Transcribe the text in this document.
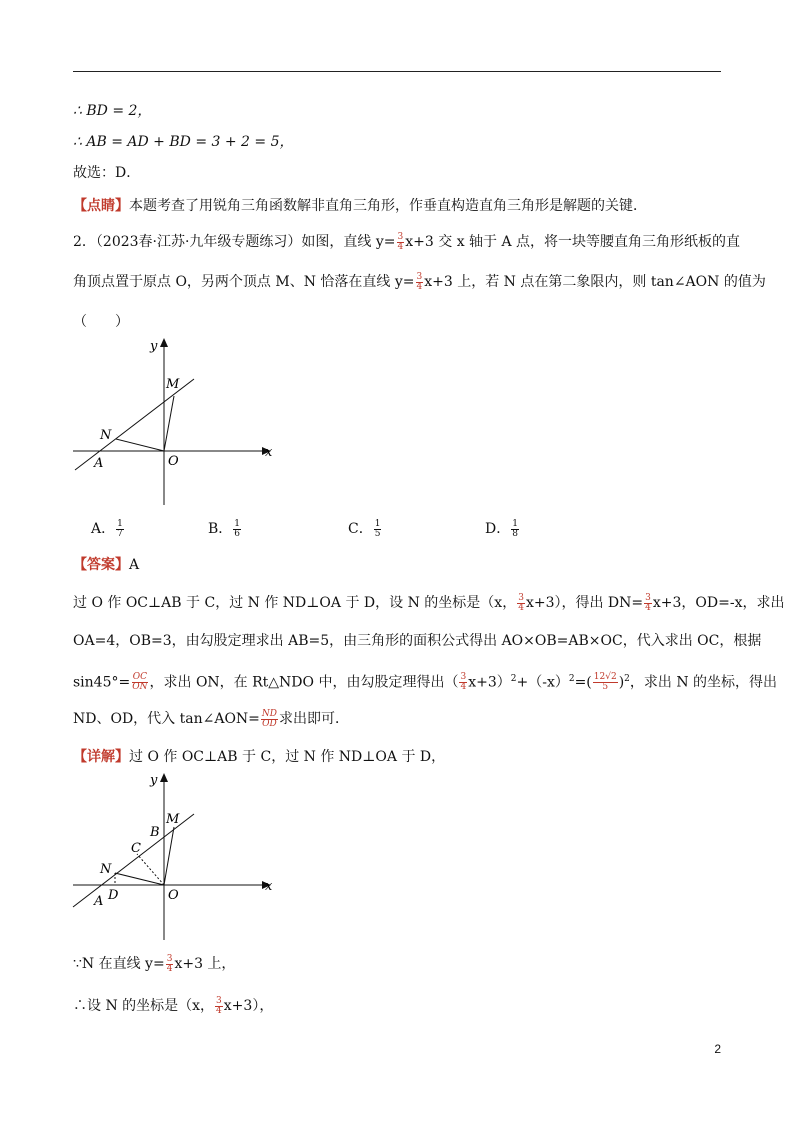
∴ BD = 2，
∴ AB = AD + BD = 3 + 2 = 5，
故选：D．
【点睛】本题考查了用锐角三角函数解非直角三角形，作垂直构造直角三角形是解题的关键．
2．（2023春·江苏·九年级专题练习）如图，直线 $y= \frac{3}{4} x+3$ 交 x 轴于 A 点，将一块等腰直角三角形纸板的直
角顶点置于原点 O，另两个顶点 M、N 恰落在直线 $y= \frac{3}{4} x+3$ 上，若 N 点在第二象限内，则 tan∠AON 的值为
（　　）
y
x
M
N
A	O
A． $\frac{1}{7}$	B． $\frac{1}{6}$	C． $\frac{1}{5}$	D． $\frac{1}{8}$
【答案】A
过 O 作 OC⊥AB 于 C，过 N 作 ND⊥OA 于 D，设 N 的坐标是（x， $\frac{3}{4} x+3$），得出 $DN= \frac{3}{4} x+3$，OD=-x，求出
OA=4，OB=3，由勾股定理求出 AB=5，由三角形的面积公式得出 AO×OB=AB×OC，代入求出 OC，根据
$\sin 45^\circ= \frac{OC}{ON}$ ，求出 ON，在 Rt△NDO 中，由勾股定理得出（ $\frac{3}{4} x+3)^2+(-x)^2=( \frac{12√2}{5} )^2$，求出 N 的坐标，得出
ND、OD，代入 tan∠AON= $\frac{ND}{OD}$ 求出即可．
【详解】过 O 作 OC⊥AB 于 C，过 N 作 ND⊥OA 于 D，
y
x
M
B
C
N
D
A	O
∵N 在直线 $y= \frac{3}{4} x+3$ 上，
∴设 N 的坐标是（x， $\frac{3}{4} x+3$），
2
